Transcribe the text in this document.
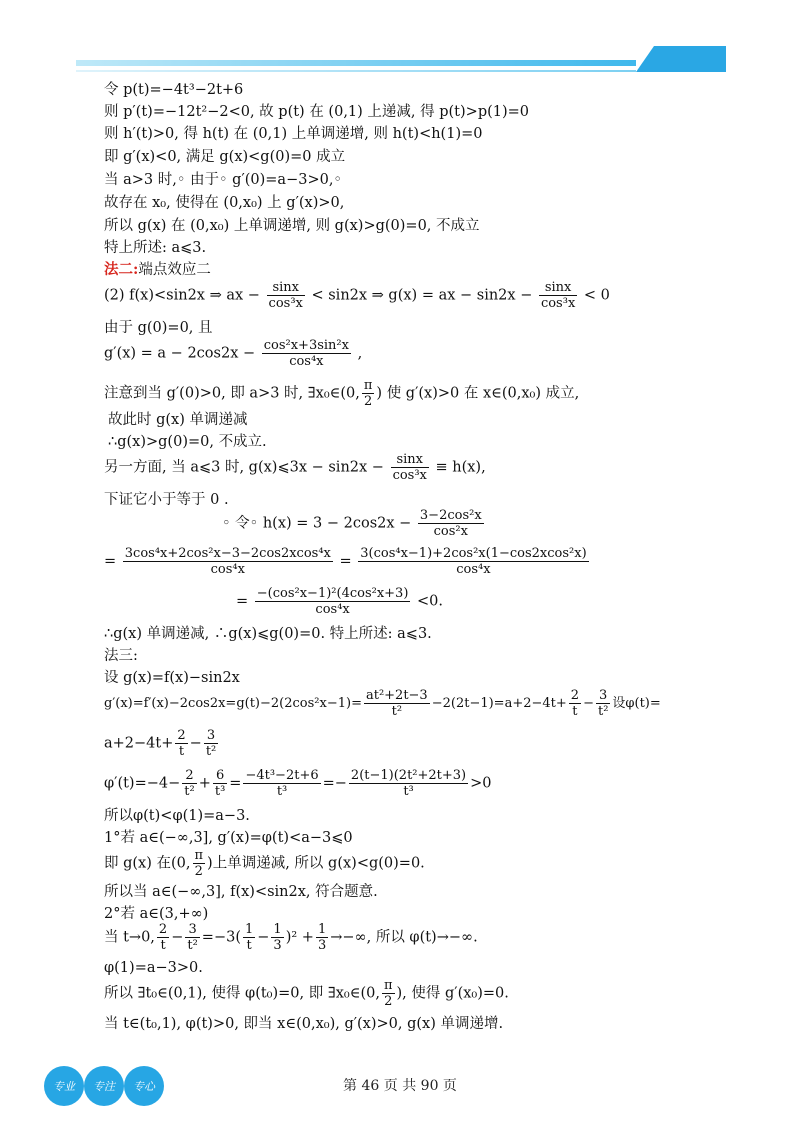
令 p(t)=−4t³−2t+6
则 p′(t)=−12t²−2<0, 故 p(t) 在 (0,1) 上递减, 得 p(t)>p(1)=0
则 h′(t)>0, 得 h(t) 在 (0,1) 上单调递增, 则 h(t)<h(1)=0
即 g′(x)<0, 满足 g(x)<g(0)=0 成立
当 a>3 时,◦ 由于◦ g′(0)=a−3>0,◦
故存在 x₀, 使得在 (0,x₀) 上 g′(x)>0,
所以 g(x) 在 (0,x₀) 上单调递增, 则 g(x)>g(0)=0, 不成立
特上所述: a⩽3.
法二:端点效应二
(2) f(x)<sin2x ⇒ ax − $\frac{\sin x}{\text{cos³x}} < \sin 2x$ ⇒ g(x) = ax − $\sin 2x - \frac{\sin x}{\text{cos³x}} < 0$
由于 g(0)=0, 且
$g'(x) = a - 2\cos 2x - \frac{\text{cos²x+3sin²x}}{\text{cos⁴x}}$ ,
注意到当 g′(0)>0, 即 a>3 时, ∃x₀∈(0, $\frac{\pi}{2}$ ) 使 g′(x)>0 在 x∈(0,x₀) 成立,
故此时 g(x) 单调递减
∴g(x)>g(0)=0, 不成立.
另一方面, 当 a⩽3 时, g(x)⩽3x − $\sin 2x - \frac{\sin x}{\text{cos³x}} \equiv h(x)$,
下证它小于等于 0 .
◦ 令◦ $h(x) = 3 - 2\cos 2x - \frac{\text{3−2cos²x}}{\text{cos²x}}$
= $\frac{\text{3cos⁴x+2cos²x−3−2cos2xcos⁴x}}{\text{cos⁴x}} = \frac{\text{3(cos⁴x−1)+2cos²x(1−cos2xcos²x)}}{\text{cos⁴x}}$
= $\frac{\text{−(cos²x−1)²(4cos²x+3)}}{\text{cos⁴x}} <0$.
∴g(x) 单调递减, ∴g(x)⩽g(0)=0. 特上所述: a⩽3.
法三:
设 g(x)=f(x)−sin2x
$g'(x)=f'(x)-2\cos 2x=g(t)-2(2\cos^2x-1)= \frac{\text{at²+2t−3}}{\text{t²}} -2(2t-1)=a+2-4t+ \frac{2}{t} - \frac{3}{\text{t²}}$ 设φ(t)=
$a+2-4t+ \frac{2}{t} - \frac{3}{\text{t²}}$
$\varphi'(t)=-4- \frac{2}{\text{t²}} + \frac{6}{\text{t³}} = \frac{\text{−4t³−2t+6}}{\text{t³}} =- \frac{\text{2(t−1)(2t²+2t+3)}}{\text{t³}} >0$
所以φ(t)<φ(1)=a−3.
1°若 a∈(−∞,3], g′(x)=φ(t)<a−3⩽0
即 g(x) 在(0, $\frac{\pi}{2}$ )上单调递减, 所以 g(x)<g(0)=0.
所以当 a∈(−∞,3], f(x)<sin2x, 符合题意.
2°若 a∈(3,+∞)
当 t→0, $\frac{2}{t} - \frac{3}{\text{t²}} =-3( \frac{1}{t} - \frac{1}{3} )^2 + \frac{1}{3}$ →−∞, 所以 φ(t)→−∞.
φ(1)=a−3>0.
所以 ∃t₀∈(0,1), 使得 φ(t₀)=0, 即 ∃x₀∈(0, $\frac{\pi}{2}$ ), 使得 g′(x₀)=0.
当 t∈(t₀,1), φ(t)>0, 即当 x∈(0,x₀), g′(x)>0, g(x) 单调递增.
专业	专注	专心	第 46 页 共 90 页
